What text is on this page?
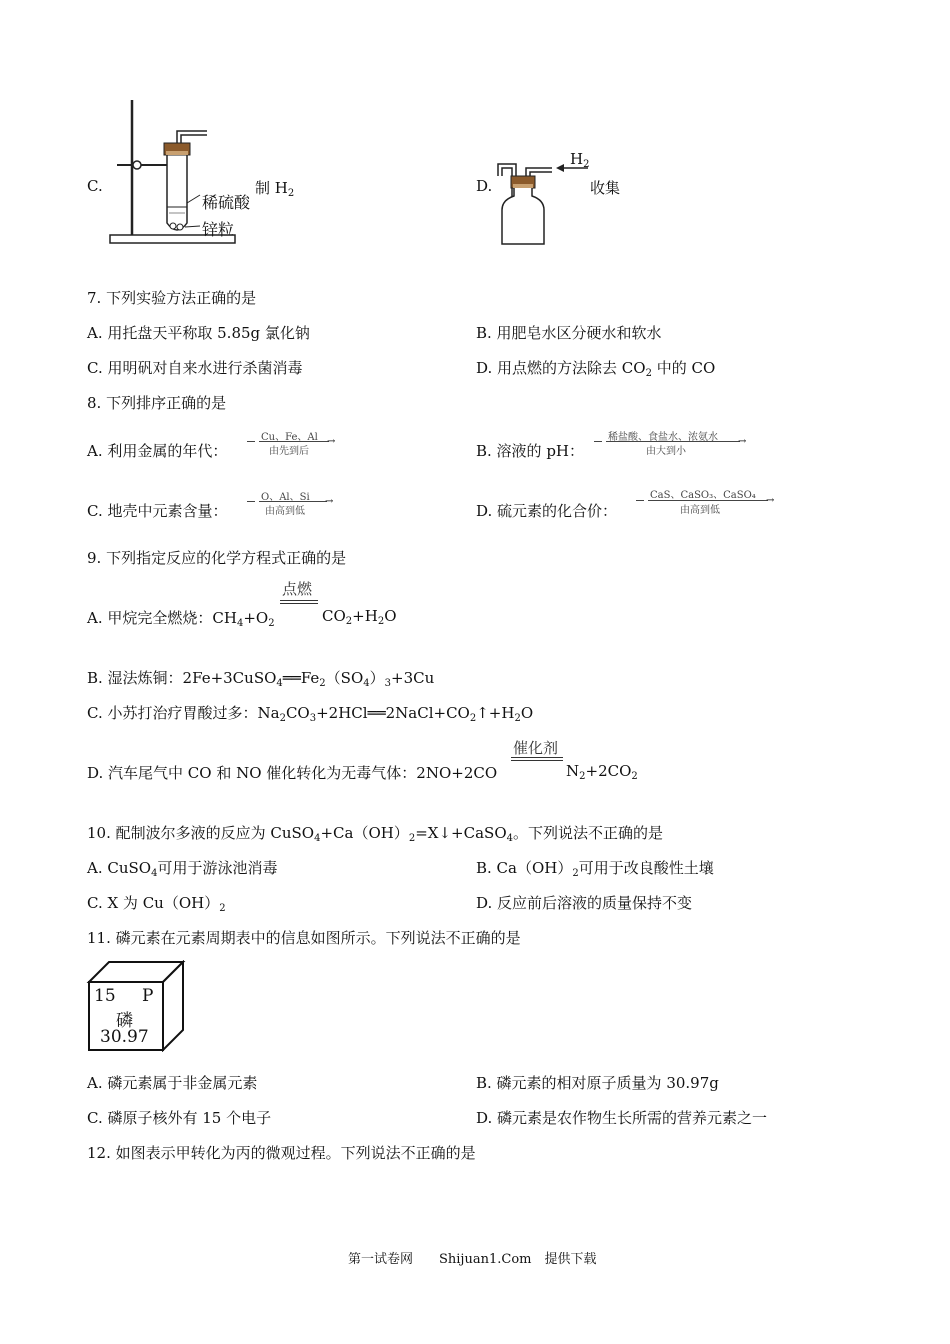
C.
稀硫酸
锌粒
制 $H_2$	D.
$H_2$
收集
7. 下列实验方法正确的是
A. 用托盘天平称取 5.85g 氯化钠	B. 用肥皂水区分硬水和软水
C. 用明矾对自来水进行杀菌消毒	D. 用点燃的方法除去 $CO_2$ 中的 CO
8. 下列排序正确的是
A. 利用金属的年代：
Cu、Fe、Al →
由先到后	B. 溶液的 pH：
稀盐酸、食盐水、浓氨水 →
由大到小
C. 地壳中元素含量：
O、Al、Si →
由高到低	D. 硫元素的化合价：
CaS、CaSO₃、CaSO₄ →
由高到低
9. 下列指定反应的化学方程式正确的是
A. 甲烷完全燃烧：$CH_4+O_2$
点燃
$CO_2+H_2O$
B. 湿法炼铜：$2Fe+3CuSO_4══Fe_2(SO_4)_3+3Cu$
C. 小苏打治疗胃酸过多：$Na_2CO_3+2HCl══2NaCl+CO_2↑+H_2O$
D. 汽车尾气中 CO 和 NO 催化转化为无毒气体：2NO+2CO
催化剂
$N_2+2CO_2$
10. 配制波尔多液的反应为 $CuSO_4+Ca(OH)_2=X↓+CaSO_4$。下列说法不正确的是
A. CuSO$_4$可用于游泳池消毒	B. $Ca(OH)_2$可用于改良酸性土壤
C. X 为 $Cu(OH)_2$	D. 反应前后溶液的质量保持不变
11. 磷元素在元素周期表中的信息如图所示。下列说法不正确的是
15 P
磷
30.97
A. 磷元素属于非金属元素	B. 磷元素的相对原子质量为 30.97g
C. 磷原子核外有 15 个电子	D. 磷元素是农作物生长所需的营养元素之一
12. 如图表示甲转化为丙的微观过程。下列说法不正确的是
第一试卷网　　Shijuan1.Com　提供下载
